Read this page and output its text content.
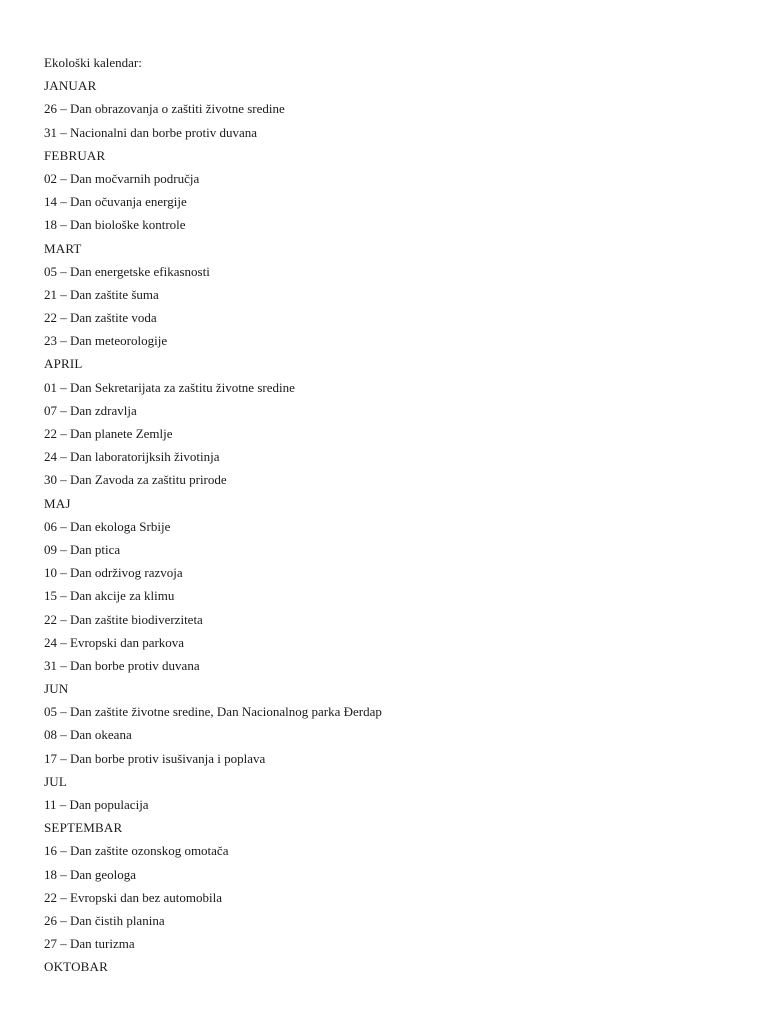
Ekološki kalendar:
JANUAR
26 – Dan obrazovanja o zaštiti životne sredine
31 – Nacionalni dan borbe protiv duvana
FEBRUAR
02 – Dan močvarnih područja
14 – Dan očuvanja energije
18 – Dan biološke kontrole
MART
05 – Dan energetske efikasnosti
21 – Dan zaštite šuma
22 – Dan zaštite voda
23 – Dan meteorologije
APRIL
01 – Dan Sekretarijata za zaštitu životne sredine
07 – Dan zdravlja
22 – Dan planete Zemlje
24 – Dan laboratorijksih životinja
30 – Dan Zavoda za zaštitu prirode
MAJ
06 – Dan ekologa Srbije
09 – Dan ptica
10 – Dan održivog razvoja
15 – Dan akcije za klimu
22 – Dan zaštite biodiverziteta
24 – Evropski dan parkova
31 – Dan borbe protiv duvana
JUN
05 – Dan zaštite životne sredine, Dan Nacionalnog parka Đerdap
08 – Dan okeana
17 – Dan borbe protiv isušivanja i poplava
JUL
11 – Dan populacija
SEPTEMBAR
16 – Dan zaštite ozonskog omotača
18 – Dan geologa
22 – Evropski dan bez automobila
26 – Dan čistih planina
27 – Dan turizma
OKTOBAR
